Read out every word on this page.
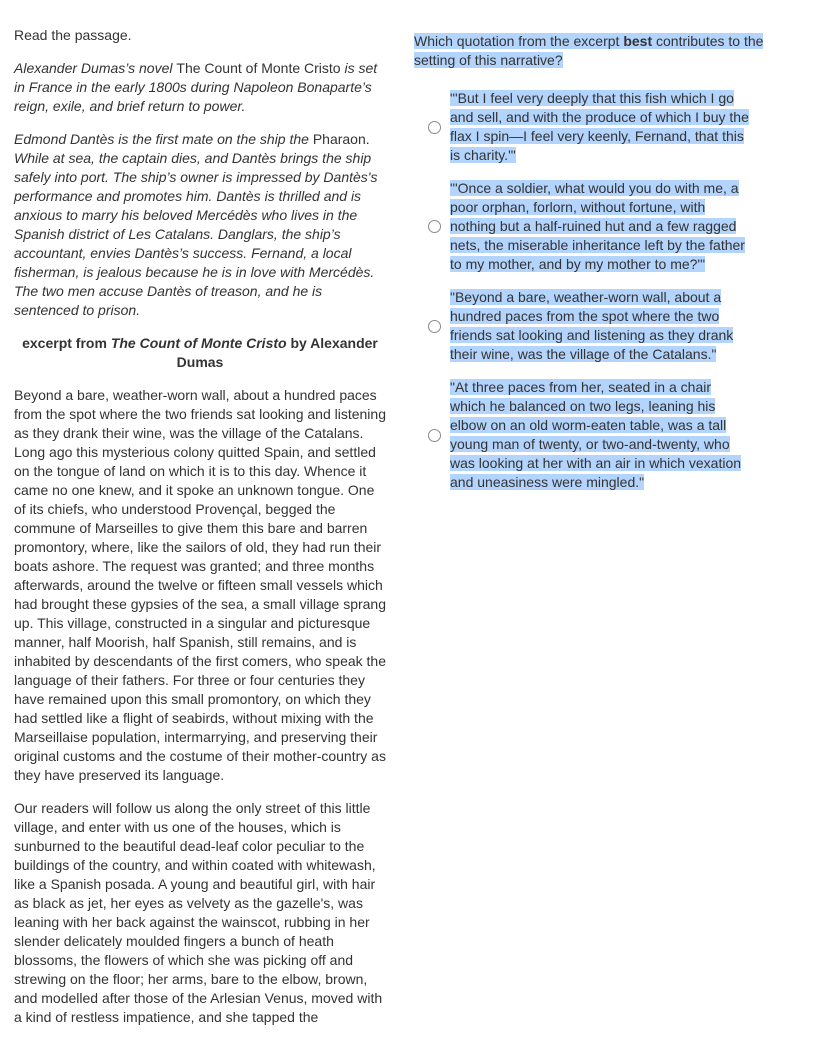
Read the passage.

Alexander Dumas’s novel The Count of Monte Cristo is set in France in the early 1800s during Napoleon Bonaparte’s reign, exile, and brief return to power.

Edmond Dantès is the first mate on the ship the Pharaon. While at sea, the captain dies, and Dantès brings the ship safely into port. The ship’s owner is impressed by Dantès's performance and promotes him. Dantès is thrilled and is anxious to marry his beloved Mercédès who lives in the Spanish district of Les Catalans. Danglars, the ship’s accountant, envies Dantès’s success. Fernand, a local fisherman, is jealous because he is in love with Mercédès. The two men accuse Dantès of treason, and he is sentenced to prison.

excerpt from The Count of Monte Cristo by Alexander Dumas

Beyond a bare, weather-worn wall, about a hundred paces from the spot where the two friends sat looking and listening as they drank their wine, was the village of the Catalans. Long ago this mysterious colony quitted Spain, and settled on the tongue of land on which it is to this day. Whence it came no one knew, and it spoke an unknown tongue. One of its chiefs, who understood Provençal, begged the commune of Marseilles to give them this bare and barren promontory, where, like the sailors of old, they had run their boats ashore. The request was granted; and three months afterwards, around the twelve or fifteen small vessels which had brought these gypsies of the sea, a small village sprang up. This village, constructed in a singular and picturesque manner, half Moorish, half Spanish, still remains, and is inhabited by descendants of the first comers, who speak the language of their fathers. For three or four centuries they have remained upon this small promontory, on which they had settled like a flight of seabirds, without mixing with the Marseillaise population, intermarrying, and preserving their original customs and the costume of their mother-country as they have preserved its language.

Our readers will follow us along the only street of this little village, and enter with us one of the houses, which is sunburned to the beautiful dead-leaf color peculiar to the buildings of the country, and within coated with whitewash, like a Spanish posada. A young and beautiful girl, with hair as black as jet, her eyes as velvety as the gazelle's, was leaning with her back against the wainscot, rubbing in her slender delicately moulded fingers a bunch of heath blossoms, the flowers of which she was picking off and strewing on the floor; her arms, bare to the elbow, brown, and modelled after those of the Arlesian Venus, moved with a kind of restless impatience, and she tapped the

Which quotation from the excerpt best contributes to the setting of this narrative?

"'But I feel very deeply that this fish which I go and sell, and with the produce of which I buy the flax I spin—I feel very keenly, Fernand, that this is charity.'"
"'Once a soldier, what would you do with me, a poor orphan, forlorn, without fortune, with nothing but a half-ruined hut and a few ragged nets, the miserable inheritance left by the father to my mother, and by my mother to me?'"
"Beyond a bare, weather-worn wall, about a hundred paces from the spot where the two friends sat looking and listening as they drank their wine, was the village of the Catalans."
"At three paces from her, seated in a chair which he balanced on two legs, leaning his elbow on an old worm-eaten table, was a tall young man of twenty, or two-and-twenty, who was looking at her with an air in which vexation and uneasiness were mingled."
